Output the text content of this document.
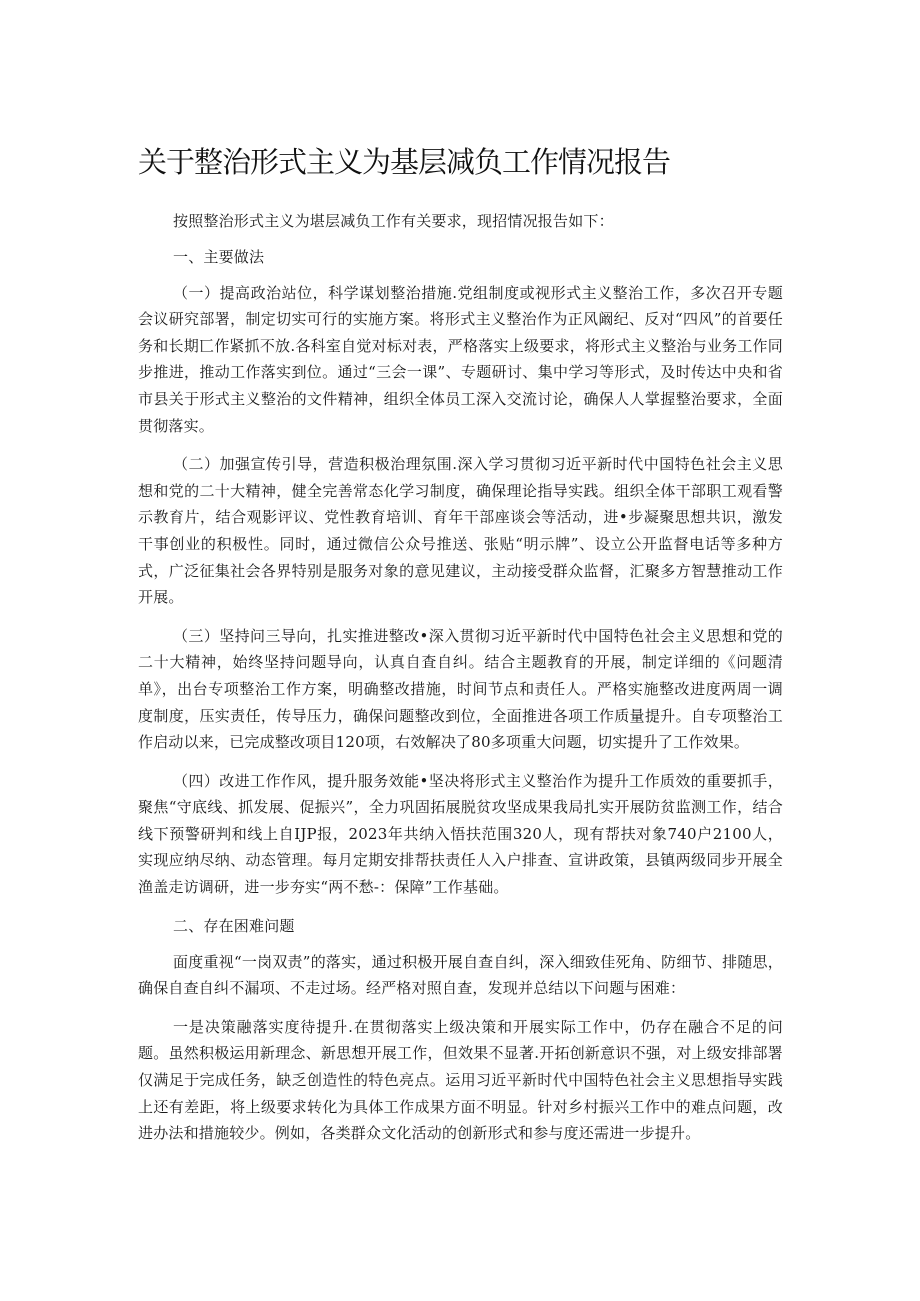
关于整治形式主义为基层减负工作情况报告

按照整治形式主义为堪层减负工作有关要求，现招情况报告如下：

一、主要做法

（一）提高政治站位，科学谋划整治措施.党组制度或视形式主义整治工作，多次召开专题会议研究部署，制定切实可行的实施方案。将形式主义整治作为正风阚纪、反对“四风”的首要任务和长期匸作紧抓不放.各科室自觉对标对表，严格落实上级要求，将形式主义整治与业务工作同步推进，推动工作落实到位。通过“三会一课”、专题研讨、集中学习等形式，及时传达中央和省市县关于形式主义整治的文件精神，组织全体员工深入交流讨论，确保人人掌握整治要求，全面贯彻落实。

（二）加强宣传引导，营造积极治理氛围.深入学习贯彻习近平新时代中国特色社会主义思想和党的二十大精神，健全完善常态化学习制度，确保理论指导实践。组织全体干部职工观看警示教育片，结合观影评议、党性教育培训、育年干部座谈会等活动，进•步凝聚思想共识，激发干事创业的积极性。同时，通过微信公众号推送、张贴“明示牌”、设立公开监督电话等多种方式，广泛征集社会各界特别是服务对象的意见建议，主动接受群众监督，汇聚多方智慧推动工作开展。

（三）坚持问三导向，扎实推进整改•深入贯彻习近平新时代中国特色社会主义思想和党的二十大精神，始终坚持问题导向，认真自査自纠。结合主题教育的开展，制定详细的《问题清单》，出台专项整治工作方案，明确整改措施，时间节点和责任人。严格实施整改进度两周一调度制度，压实责任，传导压力，确保问题整改到位，全面推进各项工作质量提升。自专项整治工作启动以来，已完成整改项目120项，右效解决了80多项重大问题，切实提升了工作效果。

（四）改进工作作风，提升服务效能•坚决将形式主义整治作为提升工作质效的重要抓手，聚焦“守底线、抓发展、促振兴”，全力巩固拓展脱贫攻坚成果我局扎实开展防贫监测工作，结合线下预警研判和线上自IJP报，2023年共纳入悟扶范围320人，现有帮扶对象740户2100人，实现应纳尽纳、动态管理。每月定期安排帮扶责任人入户排查、宣讲政策，县镇两级同步开展全渔盖走访调研，进一步夯实“两不愁-：保障”工作基础。

二、存在困难问题

面度重视“一岗双责”的落实，通过积极开展自查自纠，深入细致佳死角、防细节、排随思，确保自查自纠不漏项、不走过场。经严格对照自查，发现并总结以下问题与困难：

一是决策融落实度待提升.在贯彻落实上级决策和开展实际工作中，仍存在融合不足的问题。虽然积极运用新理念、新思想开展工作，但效果不显著.开拓创新意识不强，对上级安排部署仅满足于完成任务，缺乏创造性的特色亮点。运用习近平新时代中国特色社会主义思想指导实践上还有差距，将上级要求转化为具体工作成果方面不明显。针对乡村振兴工作中的难点问题，改进办法和措施较少。例如，各类群众文化活动的创新形式和参与度还需进一步提升。
